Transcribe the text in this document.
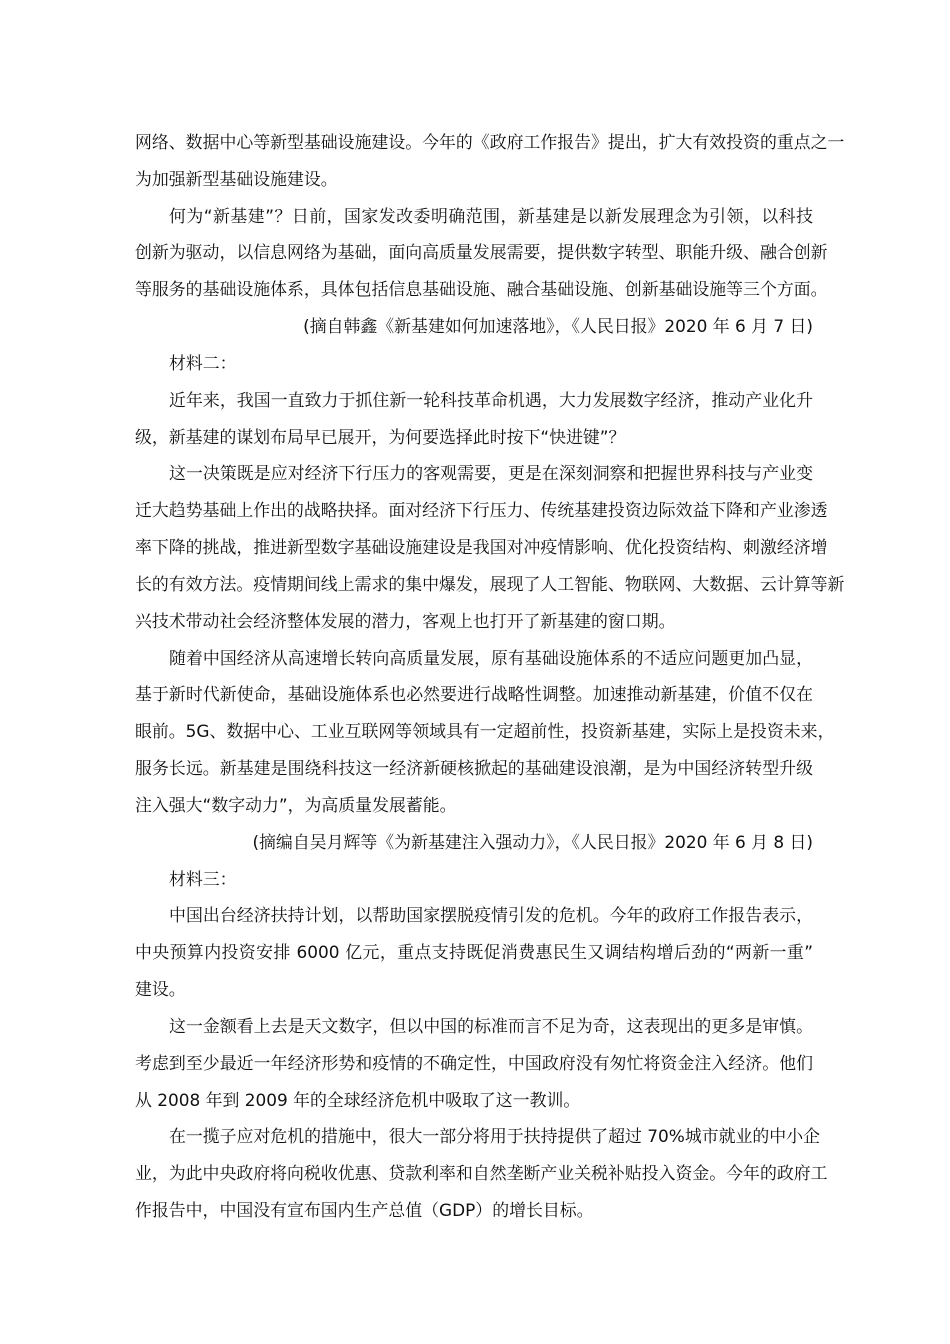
网络、数据中心等新型基础设施建设。今年的《政府工作报告》提出，扩大有效投资的重点之一
为加强新型基础设施建设。
何为“新基建”？日前，国家发改委明确范围，新基建是以新发展理念为引领，以科技
创新为驱动，以信息网络为基础，面向高质量发展需要，提供数字转型、职能升级、融合创新
等服务的基础设施体系，具体包括信息基础设施、融合基础设施、创新基础设施等三个方面。
(摘自韩鑫《新基建如何加速落地》，《人民日报》2020 年 6 月 7 日)
材料二：
近年来，我国一直致力于抓住新一轮科技革命机遇，大力发展数字经济，推动产业化升
级，新基建的谋划布局早已展开，为何要选择此时按下“快进键”？
这一决策既是应对经济下行压力的客观需要，更是在深刻洞察和把握世界科技与产业变
迁大趋势基础上作出的战略抉择。面对经济下行压力、传统基建投资边际效益下降和产业渗透
率下降的挑战，推进新型数字基础设施建设是我国对冲疫情影响、优化投资结构、刺激经济增
长的有效方法。疫情期间线上需求的集中爆发，展现了人工智能、物联网、大数据、云计算等新
兴技术带动社会经济整体发展的潜力，客观上也打开了新基建的窗口期。
随着中国经济从高速增长转向高质量发展，原有基础设施体系的不适应问题更加凸显，
基于新时代新使命，基础设施体系也必然要进行战略性调整。加速推动新基建，价值不仅在
眼前。5G、数据中心、工业互联网等领域具有一定超前性，投资新基建，实际上是投资未来，
服务长远。新基建是围绕科技这一经济新硬核掀起的基础建设浪潮，是为中国经济转型升级
注入强大“数字动力”，为高质量发展蓄能。
(摘编自吴月辉等《为新基建注入强动力》，《人民日报》2020 年 6 月 8 日)
材料三：
中国出台经济扶持计划，以帮助国家摆脱疫情引发的危机。今年的政府工作报告表示，
中央预算内投资安排 6000 亿元，重点支持既促消费惠民生又调结构增后劲的“两新一重”
建设。
这一金额看上去是天文数字，但以中国的标准而言不足为奇，这表现出的更多是审慎。
考虑到至少最近一年经济形势和疫情的不确定性，中国政府没有匆忙将资金注入经济。他们
从 2008 年到 2009 年的全球经济危机中吸取了这一教训。
在一揽子应对危机的措施中，很大一部分将用于扶持提供了超过 70%城市就业的中小企
业，为此中央政府将向税收优惠、贷款利率和自然垄断产业关税补贴投入资金。今年的政府工
作报告中，中国没有宣布国内生产总值（GDP）的增长目标。
